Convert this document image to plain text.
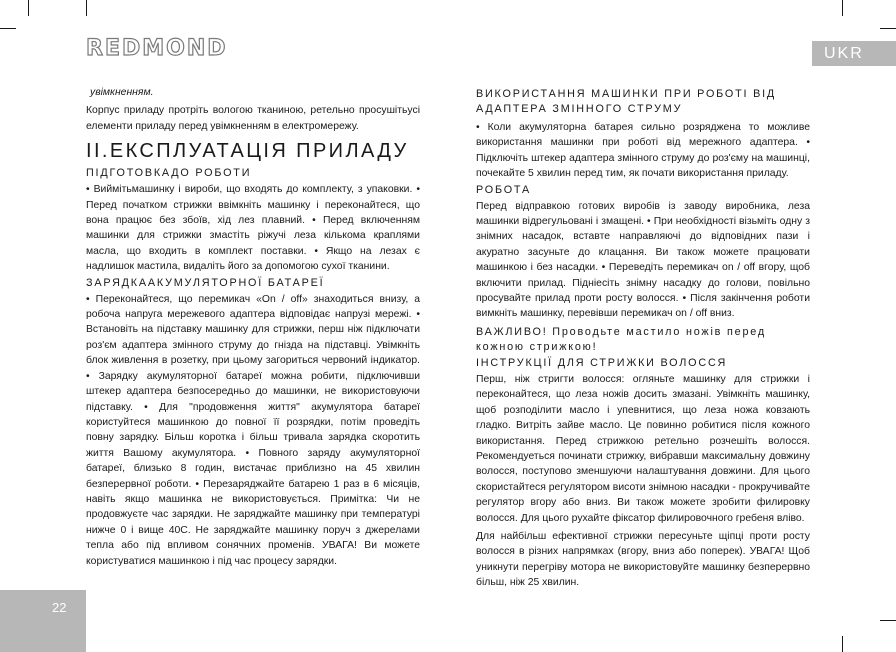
REDMOND	UKR
22

увімкненням.

Корпус приладу протріть вологою тканиною, ретельно просушітьусі елементи приладу перед увімкненням в електромережу.

II.ЕКСПЛУАТАЦІЯ ПРИЛАДУ
ПІДГОТОВКАДО РОБОТИ

• Виймітьмашинку і вироби, що входять до комплекту, з упаковки. • Перед початком стрижки ввімкніть машинку і переконайтеся, що вона працює без збоїв, хід лез плавний. • Перед включенням машинки для стрижки змастіть ріжучі леза кількома краплями масла, що входить в комплект поставки. • Якщо на лезах є надлишок мастила, видаліть його за допомогою сухої тканини.

ЗАРЯДКААКУМУЛЯТОРНОЇ БАТАРЕЇ

• Переконайтеся, що перемикач «On / off» знаходиться внизу, а робоча напруга мережевого адаптера відповідає напрузі мережі. • Встановіть на підставку машинку для стрижки, перш ніж підключати роз'єм адаптера змінного струму до гнізда на підставці. Увімкніть блок живлення в розетку, при цьому загориться червоний індикатор. • Зарядку акумуляторної батареї можна робити, підключивши штекер адаптера безпосередньо до машинки, не використовуючи підставку. • Для "продовження життя" акумулятора батареї користуйтеся машинкою до повної її розрядки, потім проведіть повну зарядку. Більш коротка і більш тривала зарядка скоротить життя Вашому акумулятора. • Повного заряду акумуляторної батареї, близько 8 годин, вистачає приблизно на 45 хвилин безперервної роботи. • Перезаряджайте батарею 1 раз в 6 місяців, навіть якщо машинка не використовується. Примітка: Чи не продовжуєте час зарядки. Не заряджайте машинку при температурі нижче 0 і вище 40С. Не заряджайте машинку поруч з джерелами тепла або під впливом сонячних променів. УВАГА! Ви можете користуватися машинкою і під час процесу зарядки.

ВИКОРИСТАННЯ МАШИНКИ ПРИ РОБОТІ ВІД АДАПТЕРА ЗМІННОГО СТРУМУ

• Коли акумуляторна батарея сильно розряджена то можливе використання машинки при роботі від мережного адаптера. • Підключіть штекер адаптера змінного струму до роз'єму на машинці, почекайте 5 хвилин перед тим, як почати використання приладу.

РОБОТА

Перед відправкою готових виробів із заводу виробника, леза машинки відрегульовані і змащені. • При необхідності візьміть одну з знімних насадок, вставте направляючі до відповідних пази і акуратно засуньте до клацання. Ви також можете працювати машинкою і без насадки. • Переведіть перемикач on / off вгору, щоб включити прилад. Підніесіть знімну насадку до голови, повільно просувайте прилад проти росту волосся. • Після закінчення роботи вимкніть машинку, перевівши перемикач on / off вниз.

ВАЖЛИВО! Проводьте мастило ножів перед кожною стрижкою!
ІНСТРУКЦІЇ ДЛЯ СТРИЖКИ ВОЛОССЯ

Перш, ніж стригти волосся: огляньте машинку для стрижки і переконайтеся, що леза ножів досить змазані. Увімкніть машинку, щоб розподілити масло і упевнитися, що леза ножа ковзають гладко. Витріть зайве масло. Це повинно робитися після кожного використання. Перед стрижкою ретельно розчешіть волосся. Рекомендуеться починати стрижку, вибравши максимальну довжину волосся, поступово зменшуючи налаштування довжини. Для цього скористайтеся регулятором висоти знімною насадки - прокручивайте регулятор вгору або вниз. Ви також можете зробити филировку волосся. Для цього рухайте фіксатор филировочного гребеня вліво.

Для найбільш ефективної стрижки пересуньте щіпці проти росту волосся в різних напрямках (вгору, вниз або поперек). УВАГА! Щоб уникнути перегріву мотора не використовуйте машинку безперервно більш, ніж 25 хвилин.
